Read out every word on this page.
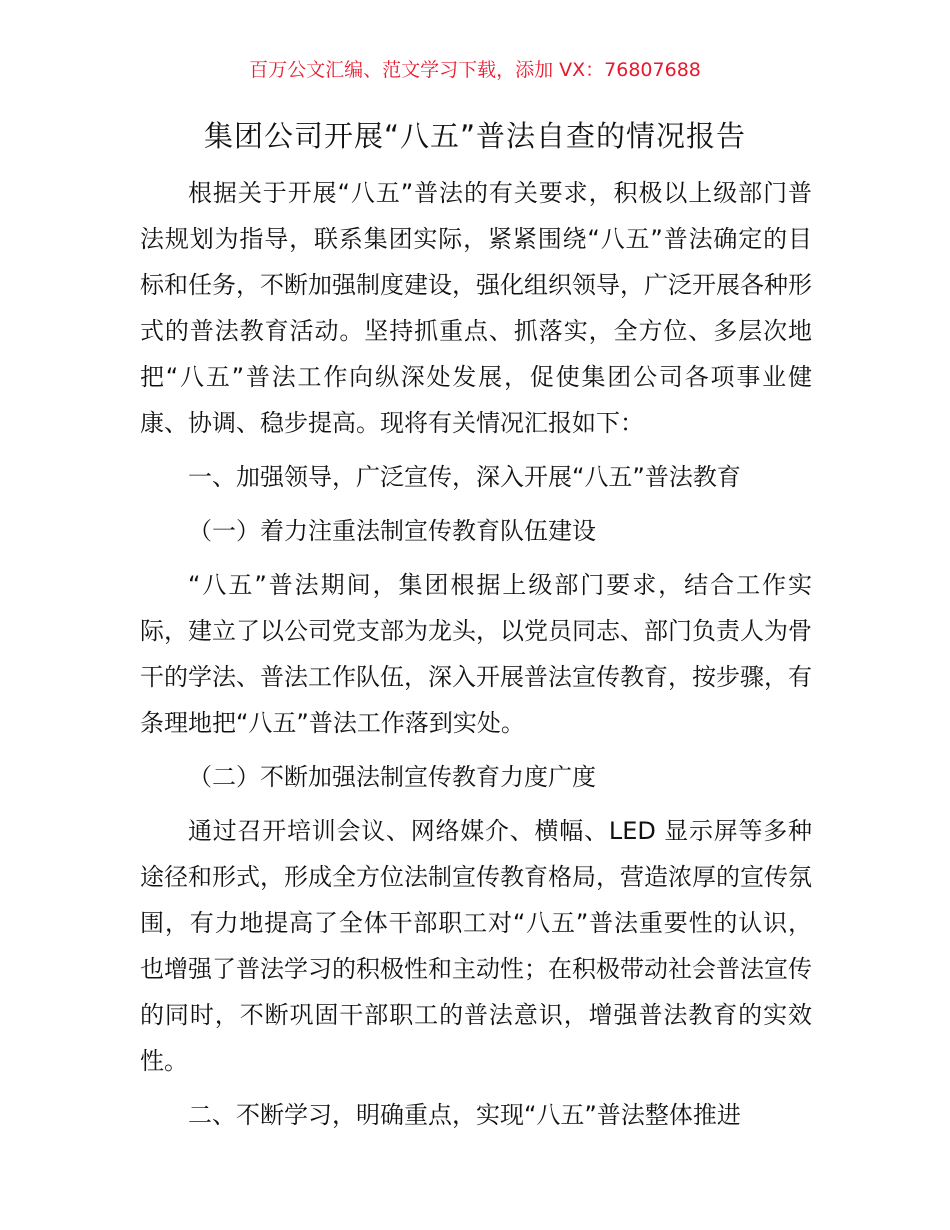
百万公文汇编、范文学习下载，添加 VX：76807688
集团公司开展“八五”普法自查的情况报告

根据关于开展“八五”普法的有关要求，积极以上级部门普法规划为指导，联系集团实际，紧紧围绕“八五”普法确定的目标和任务，不断加强制度建设，强化组织领导，广泛开展各种形式的普法教育活动。坚持抓重点、抓落实，全方位、多层次地把“八五”普法工作向纵深处发展，促使集团公司各项事业健康、协调、稳步提高。现将有关情况汇报如下：

一、加强领导，广泛宣传，深入开展“八五”普法教育

（一）着力注重法制宣传教育队伍建设

“八五”普法期间，集团根据上级部门要求，结合工作实际，建立了以公司党支部为龙头，以党员同志、部门负责人为骨干的学法、普法工作队伍，深入开展普法宣传教育，按步骤，有条理地把“八五”普法工作落到实处。

（二）不断加强法制宣传教育力度广度

通过召开培训会议、网络媒介、横幅、LED 显示屏等多种途径和形式，形成全方位法制宣传教育格局，营造浓厚的宣传氛围，有力地提高了全体干部职工对“八五”普法重要性的认识，也增强了普法学习的积极性和主动性；在积极带动社会普法宣传的同时，不断巩固干部职工的普法意识，增强普法教育的实效性。

二、不断学习，明确重点，实现“八五”普法整体推进
